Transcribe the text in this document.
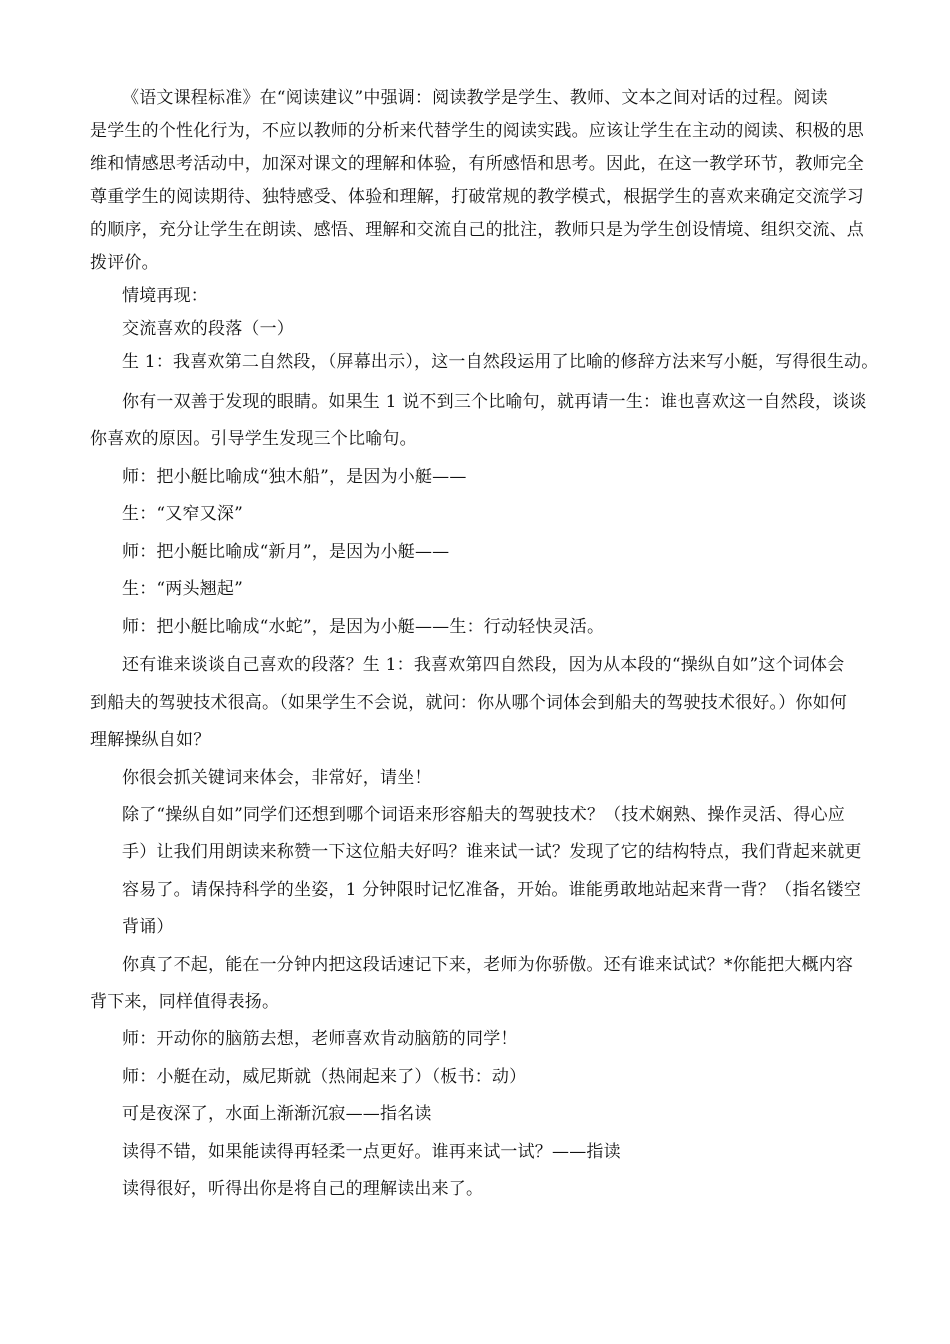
《语文课程标准》在“阅读建议”中强调：阅读教学是学生、教师、文本之间对话的过程。阅读
是学生的个性化行为，不应以教师的分析来代替学生的阅读实践。应该让学生在主动的阅读、积极的思
维和情感思考活动中，加深对课文的理解和体验，有所感悟和思考。因此，在这一教学环节，教师完全
尊重学生的阅读期待、独特感受、体验和理解，打破常规的教学模式，根据学生的喜欢来确定交流学习
的顺序，充分让学生在朗读、感悟、理解和交流自己的批注，教师只是为学生创设情境、组织交流、点
拨评价。
情境再现：
交流喜欢的段落（一）
生 1：我喜欢第二自然段，（屏幕出示），这一自然段运用了比喻的修辞方法来写小艇，写得很生动。
你有一双善于发现的眼睛。如果生 1 说不到三个比喻句，就再请一生：谁也喜欢这一自然段，谈谈
你喜欢的原因。引导学生发现三个比喻句。
师：把小艇比喻成“独木船”，是因为小艇——
生：“又窄又深”
师：把小艇比喻成“新月”，是因为小艇——
生：“两头翘起”
师：把小艇比喻成“水蛇”，是因为小艇——生：行动轻快灵活。
还有谁来谈谈自己喜欢的段落？生 1：我喜欢第四自然段，因为从本段的“操纵自如”这个词体会
到船夫的驾驶技术很高。（如果学生不会说，就问：你从哪个词体会到船夫的驾驶技术很好。）你如何
理解操纵自如？
你很会抓关键词来体会，非常好，请坐！
除了“操纵自如”同学们还想到哪个词语来形容船夫的驾驶技术？（技术娴熟、操作灵活、得心应
手）让我们用朗读来称赞一下这位船夫好吗？谁来试一试？发现了它的结构特点，我们背起来就更
容易了。请保持科学的坐姿，1 分钟限时记忆准备，开始。谁能勇敢地站起来背一背？（指名镂空
背诵）
你真了不起，能在一分钟内把这段话速记下来，老师为你骄傲。还有谁来试试？*你能把大概内容
背下来，同样值得表扬。
师：开动你的脑筋去想，老师喜欢肯动脑筋的同学！
师：小艇在动，威尼斯就（热闹起来了）（板书：动）
可是夜深了，水面上渐渐沉寂——指名读
读得不错，如果能读得再轻柔一点更好。谁再来试一试？——指读
读得很好，听得出你是将自己的理解读出来了。
